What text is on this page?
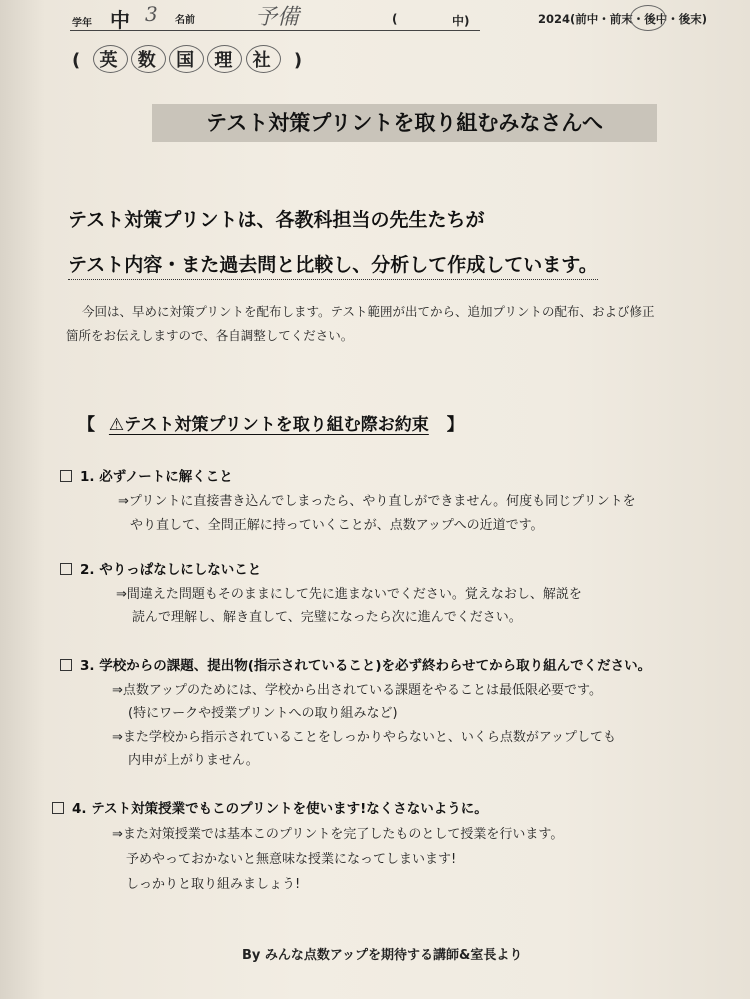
学年 中 3 名前	予備	(	中)	2024(前中・前末・後中・後末)
( 英 数 国 理 社 )
テスト対策プリントを取り組むみなさんへ
テスト対策プリントは、各教科担当の先生たちが
テスト内容・また過去問と比較し、分析して作成しています。
今回は、早めに対策プリントを配布します。テスト範囲が出てから、追加プリントの配布、および修正
箇所をお伝えしますので、各自調整してください。
【 ⚠テスト対策プリントを取り組む際お約束 】
1. 必ずノートに解くこと
⇒プリントに直接書き込んでしまったら、やり直しができません。何度も同じプリントを
やり直して、全問正解に持っていくことが、点数アップへの近道です。
2. やりっぱなしにしないこと
⇒間違えた問題もそのままにして先に進まないでください。覚えなおし、解説を
読んで理解し、解き直して、完璧になったら次に進んでください。
3. 学校からの課題、提出物(指示されていること)を必ず終わらせてから取り組んでください。
⇒点数アップのためには、学校から出されている課題をやることは最低限必要です。
(特にワークや授業プリントへの取り組みなど)
⇒また学校から指示されていることをしっかりやらないと、いくら点数がアップしても
内申が上がりません。
4. テスト対策授業でもこのプリントを使います!なくさないように。
⇒また対策授業では基本このプリントを完了したものとして授業を行います。
予めやっておかないと無意味な授業になってしまいます!
しっかりと取り組みましょう!
By みんな点数アップを期待する講師&室長より
